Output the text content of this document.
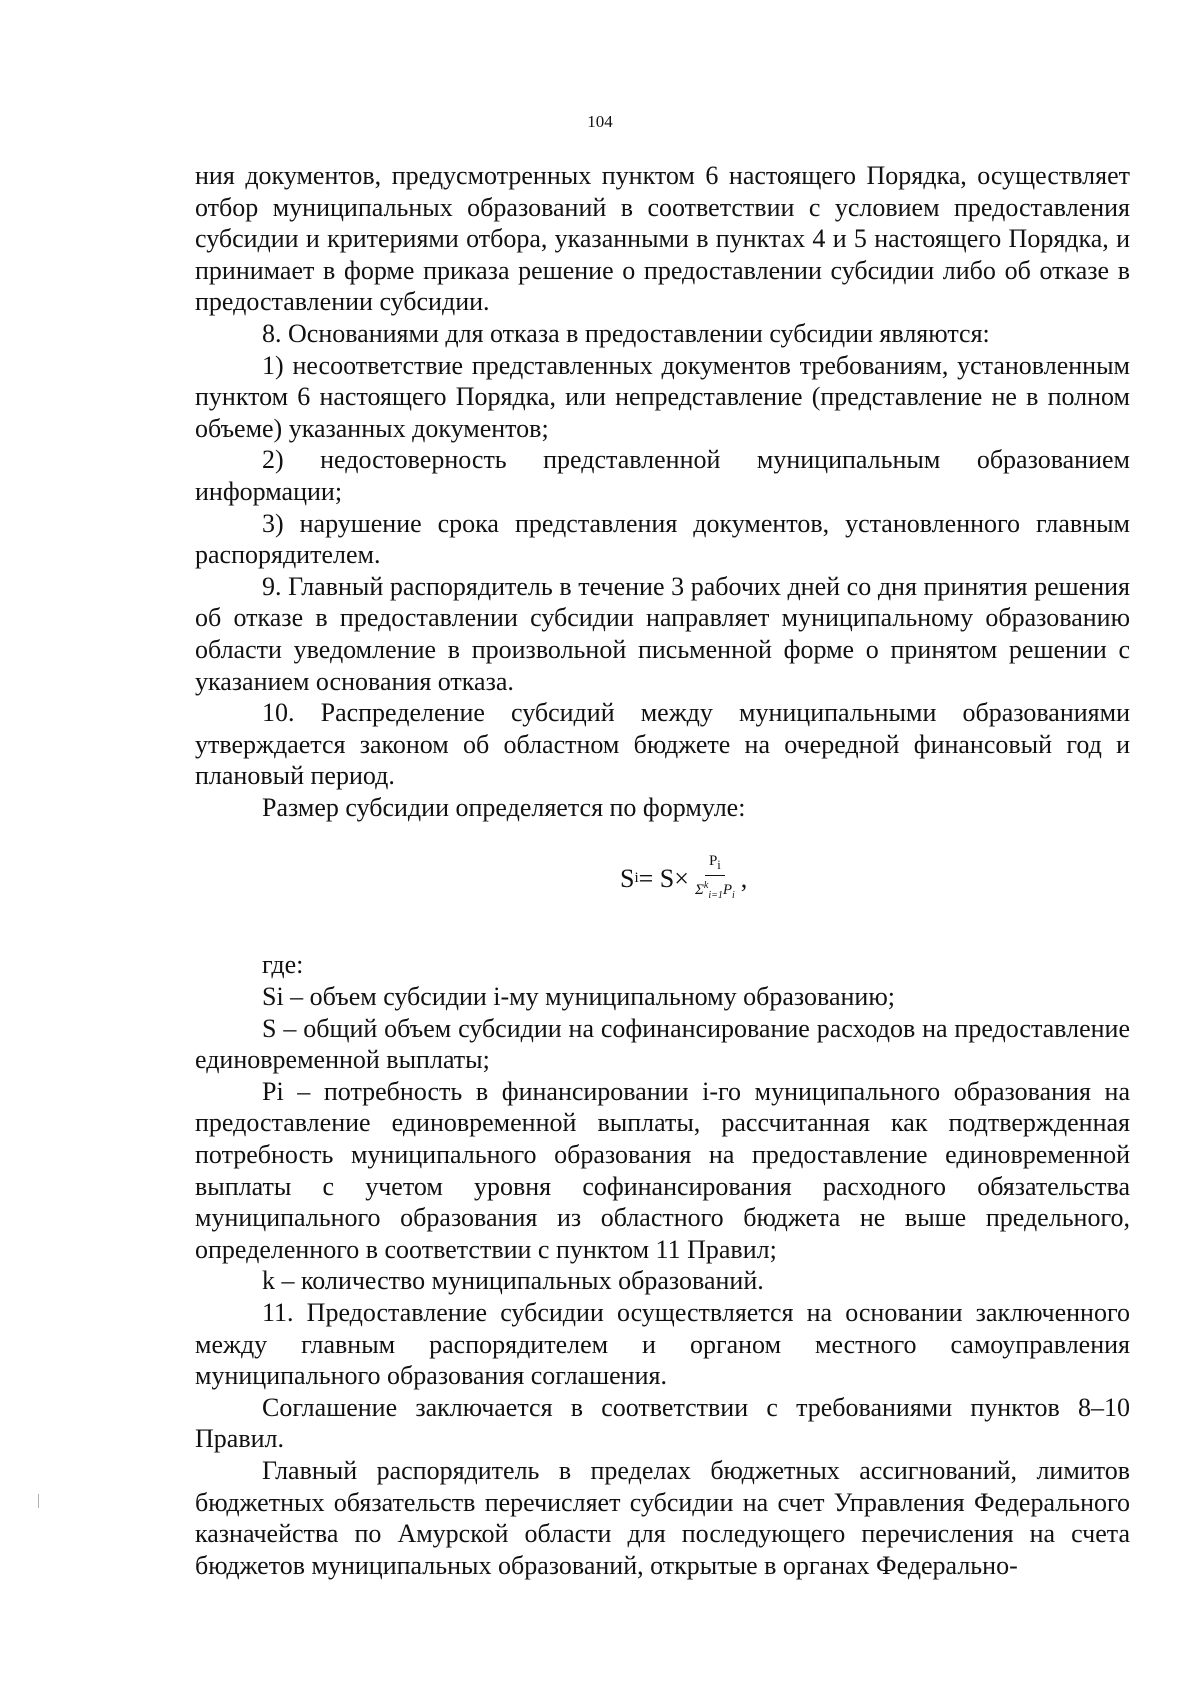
104

ния документов, предусмотренных пунктом 6 настоящего Порядка, осуществляет отбор муниципальных образований в соответствии с условием предоставления субсидии и критериями отбора, указанными в пунктах 4 и 5 настоящего Порядка, и принимает в форме приказа решение о предоставлении субсидии либо об отказе в предоставлении субсидии.

8. Основаниями для отказа в предоставлении субсидии являются:

1) несоответствие представленных документов требованиям, установленным пунктом 6 настоящего Порядка, или непредставление (представление не в полном объеме) указанных документов;

2) недостоверность представленной муниципальным образованием информации;

3) нарушение срока представления документов, установленного главным распорядителем.

9. Главный распорядитель в течение 3 рабочих дней со дня принятия решения об отказе в предоставлении субсидии направляет муниципальному образованию области уведомление в произвольной письменной форме о принятом решении с указанием основания отказа.

10. Распределение субсидий между муниципальными образованиями утверждается законом об областном бюджете на очередной финансовый год и плановый период.

Размер субсидии определяется по формуле:

S $i = S\times \frac{P_i}{\Sigma^k_{i=1}P_i}$ ,

где:

Si – объем субсидии i-му муниципальному образованию;

S – общий объем субсидии на софинансирование расходов на предоставление единовременной выплаты;

Pi – потребность в финансировании i-го муниципального образования на предоставление единовременной выплаты, рассчитанная как подтвержденная потребность муниципального образования на предоставление единовременной выплаты с учетом уровня софинансирования расходного обязательства муниципального образования из областного бюджета не выше предельного, определенного в соответствии с пунктом 11 Правил;

k – количество муниципальных образований.

11. Предоставление субсидии осуществляется на основании заключенного между главным распорядителем и органом местного самоуправления муниципального образования соглашения.

Соглашение заключается в соответствии с требованиями пунктов 8–10 Правил.

Главный распорядитель в пределах бюджетных ассигнований, лимитов бюджетных обязательств перечисляет субсидии на счет Управления Федерального казначейства по Амурской области для последующего перечисления на счета бюджетов муниципальных образований, открытые в органах Федерально-
